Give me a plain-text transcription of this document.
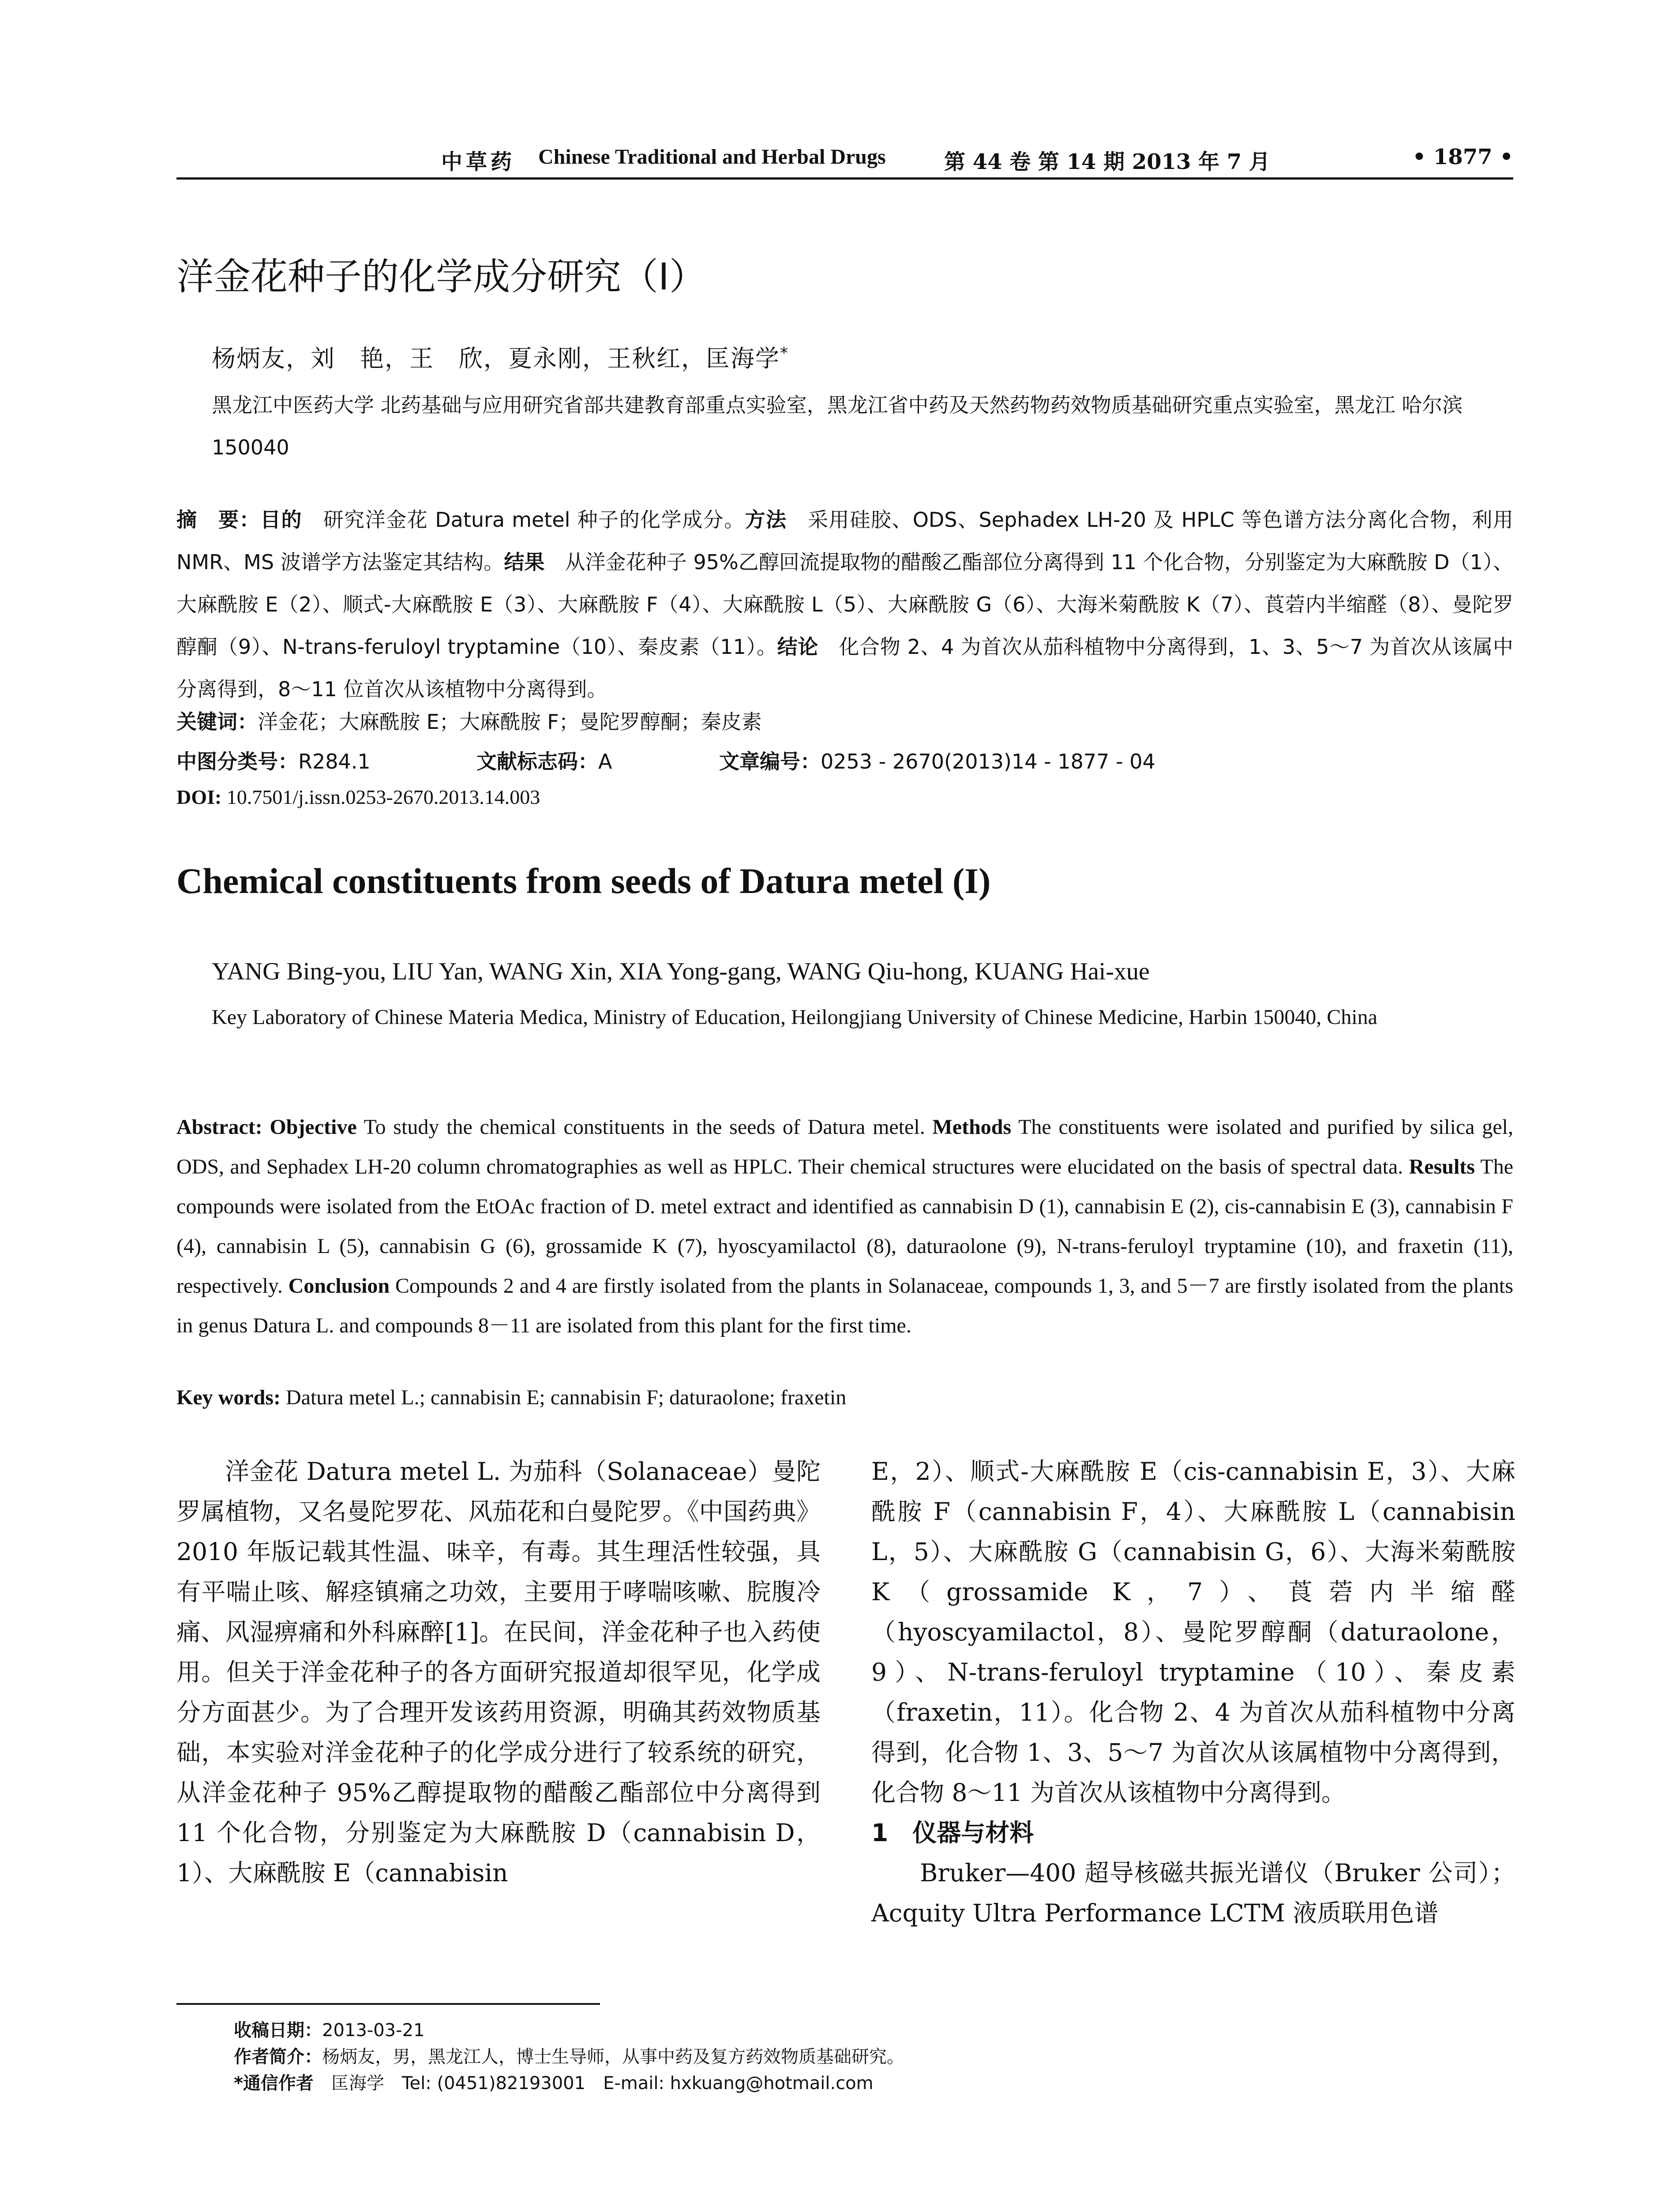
中草药 Chinese Traditional and Herbal Drugs	第 44 卷 第 14 期 2013 年 7 月	• 1877 •
洋金花种子的化学成分研究（I）
杨炳友，刘　艳，王　欣，夏永刚，王秋红，匡海学*
黑龙江中医药大学 北药基础与应用研究省部共建教育部重点实验室，黑龙江省中药及天然药物药效物质基础研究重点实验室，黑龙江 哈尔滨 150040
摘　要：目的　研究洋金花 Datura metel 种子的化学成分。方法　采用硅胶、ODS、Sephadex LH-20 及 HPLC 等色谱方法分离化合物，利用 NMR、MS 波谱学方法鉴定其结构。结果　从洋金花种子 95%乙醇回流提取物的醋酸乙酯部位分离得到 11 个化合物，分别鉴定为大麻酰胺 D（1）、大麻酰胺 E（2）、顺式-大麻酰胺 E（3）、大麻酰胺 F（4）、大麻酰胺 L（5）、大麻酰胺 G（6）、大海米菊酰胺 K（7）、莨菪内半缩醛（8）、曼陀罗醇酮（9）、N-trans-feruloyl tryptamine（10）、秦皮素（11）。结论　化合物 2、4 为首次从茄科植物中分离得到，1、3、5～7 为首次从该属中分离得到，8～11 位首次从该植物中分离得到。
关键词：洋金花；大麻酰胺 E；大麻酰胺 F；曼陀罗醇酮；秦皮素
中图分类号：R284.1	文献标志码：A	文章编号：0253 - 2670(2013)14 - 1877 - 04
DOI: 10.7501/j.issn.0253-2670.2013.14.003
Chemical constituents from seeds of Datura metel (I)
YANG Bing-you, LIU Yan, WANG Xin, XIA Yong-gang, WANG Qiu-hong, KUANG Hai-xue
Key Laboratory of Chinese Materia Medica, Ministry of Education, Heilongjiang University of Chinese Medicine, Harbin 150040, China
Abstract: Objective To study the chemical constituents in the seeds of Datura metel. Methods The constituents were isolated and purified by silica gel, ODS, and Sephadex LH-20 column chromatographies as well as HPLC. Their chemical structures were elucidated on the basis of spectral data. Results The compounds were isolated from the EtOAc fraction of D. metel extract and identified as cannabisin D (1), cannabisin E (2), cis-cannabisin E (3), cannabisin F (4), cannabisin L (5), cannabisin G (6), grossamide K (7), hyoscyamilactol (8), daturaolone (9), N-trans-feruloyl tryptamine (10), and fraxetin (11), respectively. Conclusion Compounds 2 and 4 are firstly isolated from the plants in Solanaceae, compounds 1, 3, and 5－7 are firstly isolated from the plants in genus Datura L. and compounds 8－11 are isolated from this plant for the first time.
Key words: Datura metel L.; cannabisin E; cannabisin F; daturaolone; fraxetin

洋金花 Datura metel L. 为茄科（Solanaceae）曼陀罗属植物，又名曼陀罗花、风茄花和白曼陀罗。《中国药典》2010 年版记载其性温、味辛，有毒。其生理活性较强，具有平喘止咳、解痉镇痛之功效，主要用于哮喘咳嗽、脘腹冷痛、风湿痹痛和外科麻醉[1]。在民间，洋金花种子也入药使用。但关于洋金花种子的各方面研究报道却很罕见，化学成分方面甚少。为了合理开发该药用资源，明确其药效物质基础，本实验对洋金花种子的化学成分进行了较系统的研究，从洋金花种子 95%乙醇提取物的醋酸乙酯部位中分离得到 11 个化合物，分别鉴定为大麻酰胺 D（cannabisin D，1）、大麻酰胺 E（cannabisin

E，2）、顺式-大麻酰胺 E（cis-cannabisin E，3）、大麻酰胺 F（cannabisin F，4）、大麻酰胺 L（cannabisin L，5）、大麻酰胺 G（cannabisin G，6）、大海米菊酰胺 K（grossamide K，7）、莨菪内半缩醛（hyoscyamilactol，8）、曼陀罗醇酮（daturaolone，9）、N-trans-feruloyl tryptamine（10）、秦皮素（fraxetin，11）。化合物 2、4 为首次从茄科植物中分离得到，化合物 1、3、5～7 为首次从该属植物中分离得到，化合物 8～11 为首次从该植物中分离得到。

1　仪器与材料

Bruker—400 超导核磁共振光谱仪（Bruker 公司）；Acquity Ultra Performance LCTM 液质联用色谱

收稿日期：2013-03-21
作者简介：杨炳友，男，黑龙江人，博士生导师，从事中药及复方药效物质基础研究。
*通信作者　匡海学　Tel: (0451)82193001　E-mail: hxkuang@hotmail.com
